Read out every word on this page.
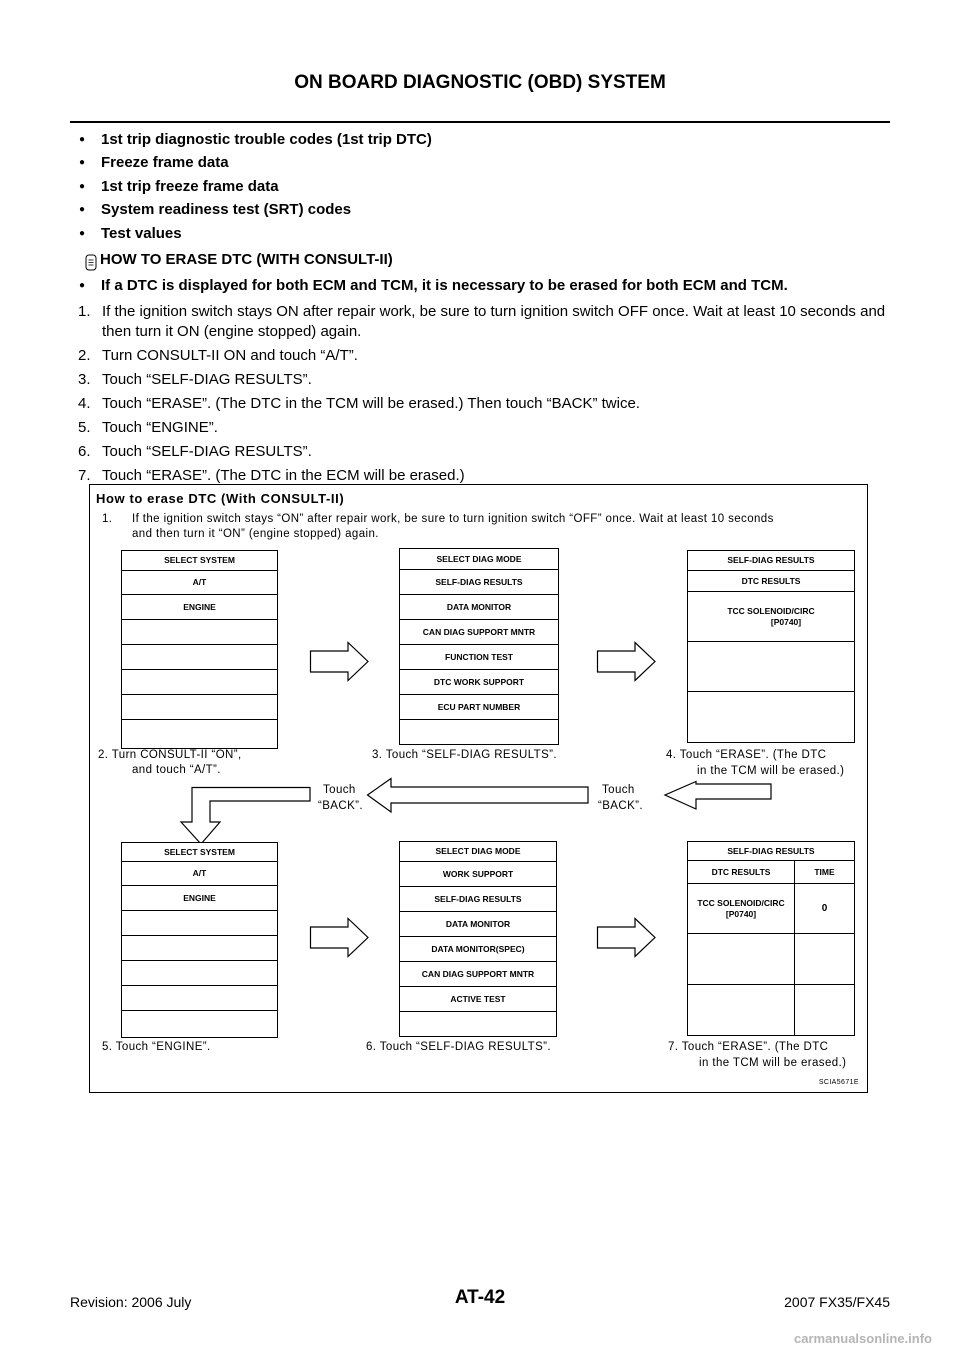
ON BOARD DIAGNOSTIC (OBD) SYSTEM
● 1st trip diagnostic trouble codes (1st trip DTC)
● Freeze frame data
● 1st trip freeze frame data
● System readiness test (SRT) codes
● Test values
HOW TO ERASE DTC (WITH CONSULT-II)
● If a DTC is displayed for both ECM and TCM, it is necessary to be erased for both ECM and TCM.
1. If the ignition switch stays ON after repair work, be sure to turn ignition switch OFF once. Wait at least 10 seconds and then turn it ON (engine stopped) again.
2. Turn CONSULT-II ON and touch “A/T”.
3. Touch “SELF-DIAG RESULTS”.
4. Touch “ERASE”. (The DTC in the TCM will be erased.) Then touch “BACK” twice.
5. Touch “ENGINE”.
6. Touch “SELF-DIAG RESULTS”.
7. Touch “ERASE”. (The DTC in the ECM will be erased.)
How to erase DTC (With CONSULT-II)
1. If the ignition switch stays “ON” after repair work, be sure to turn ignition switch “OFF” once. Wait at least 10 seconds
and then turn it “ON” (engine stopped) again.
SELECT SYSTEM
A/T
ENGINE
SELECT DIAG MODE
SELF-DIAG RESULTS
DATA MONITOR
CAN DIAG SUPPORT MNTR
FUNCTION TEST
DTC WORK SUPPORT
ECU PART NUMBER
SELF-DIAG RESULTS
DTC RESULTS
TCC SOLENOID/CIRC
[P0740]
2. Turn CONSULT-II “ON”,
and touch “A/T”.
3. Touch “SELF-DIAG RESULTS”.	4. Touch “ERASE”. (The DTC
in the TCM will be erased.)
Touch
“BACK”.
Touch
“BACK”.
SELECT SYSTEM
A/T
ENGINE
SELECT DIAG MODE
WORK SUPPORT
SELF-DIAG RESULTS
DATA MONITOR
DATA MONITOR(SPEC)
CAN DIAG SUPPORT MNTR
ACTIVE TEST
SELF-DIAG RESULTS
DTC RESULTS	TIME
TCC SOLENOID/CIRC
[P0740]	0
5. Touch “ENGINE”.	6. Touch “SELF-DIAG RESULTS”.	7. Touch “ERASE”. (The DTC
in the TCM will be erased.)
SCIA5671E
Revision: 2006 July	AT-42	2007 FX35/FX45
carmanualsonline.info
